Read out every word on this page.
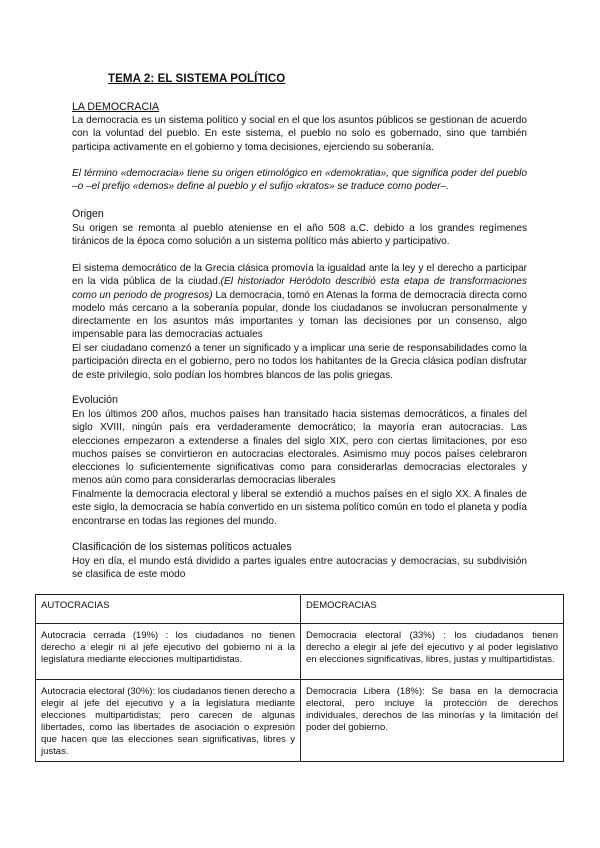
TEMA 2: EL SISTEMA POLÍTICO
LA DEMOCRACIA
La democracia es un sistema político y social en el que los asuntos públicos se gestionan de acuerdo con la voluntad del pueblo. En este sistema, el pueblo no solo es gobernado, sino que también participa activamente en el gobierno y toma decisiones, ejerciendo su soberanía.
El término «democracia» tiene su origen etimológico en «demokratia», que significa poder del pueblo –o –el prefijo «demos» define al pueblo y el sufijo «kratos» se traduce como poder–.
Origen
Su origen se remonta al pueblo ateniense en el año 508 a.C. debido a los grandes regímenes tiránicos de la época como solución a un sistema político más abierto y participativo.
El sistema democrático de la Grecia clásica promovía la igualdad ante la ley y el derecho a participar en la vida pública de la ciudad.(El historiador Heródoto describió esta etapa de transformaciones como un periodo de progresos) La democracia, tomó en Atenas la forma de democracia directa como modelo más cercano a la soberanía popular, donde los ciudadanos se involucran personalmente y directamente en los asuntos más importantes y toman las decisiones por un consenso, algo impensable para las democracias actuales
El ser ciudadano comenzó a tener un significado y a implicar una serie de responsabilidades como la participación directa en el gobierno, pero no todos los habitantes de la Grecia clásica podían disfrutar de este privilegio, solo podían los hombres blancos de las polis griegas.
Evolución
En los últimos 200 años, muchos países han transitado hacia sistemas democráticos, a finales del siglo XVIII, ningún país era verdaderamente democrático; la mayoría eran autocracias. Las elecciones empezaron a extenderse a finales del siglo XIX, pero con ciertas limitaciones, por eso muchos países se convirtieron en autocracias electorales. Asimismo muy pocos países celebraron elecciones lo suficientemente significativas como para considerarlas democracias electorales y menos aún como para considerarlas democracias liberales
Finalmente la democracia electoral y liberal se extendió a muchos países en el siglo XX. A finales de este siglo, la democracia se había convertido en un sistema político común en todo el planeta y podía encontrarse en todas las regiones del mundo.
Clasificación de los sistemas políticos actuales
Hoy en día, el mundo está dividido a partes iguales entre autocracias y democracias, su subdivisión se clasifica de este modo
AUTOCRACIAS	DEMOCRACIAS
Autocracia cerrada (19%) : los ciudadanos no tienen derecho a elegir ni al jefe ejecutivo del gobierno ni a la legislatura mediante elecciones multipartidistas.	Democracia electoral (33%) : los ciudadanos tienen derecho a elegir al jefe del ejecutivo y al poder legislativo en elecciones significativas, libres, justas y multipartidistas.
Autocracia electoral (30%): los ciudadanos tienen derecho a elegir al jefe del ejecutivo y a la legislatura mediante elecciones multipartidistas; pero carecen de algunas libertades, como las libertades de asociación o expresión que hacen que las elecciones sean significativas, libres y justas.	Democracia Libera (18%): Se basa en la democracia electoral, pero incluye la protección de derechos individuales, derechos de las minorías y la limitación del poder del gobierno.
